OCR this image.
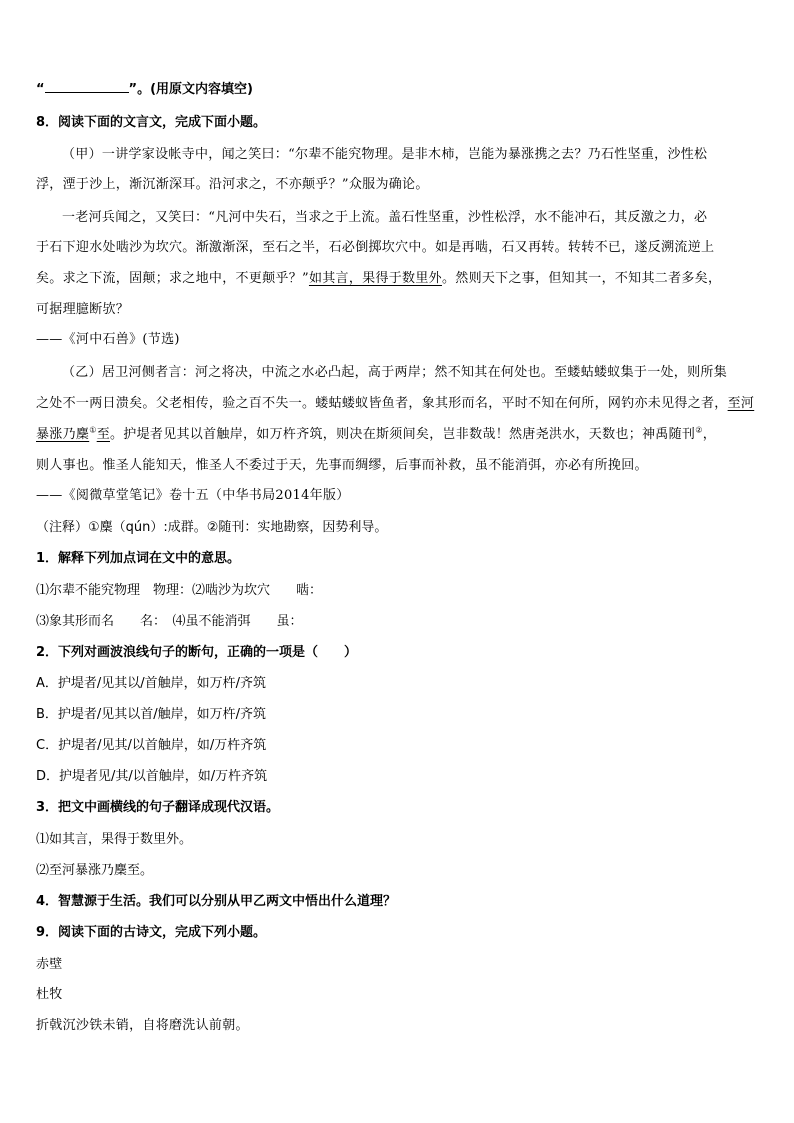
“	”。(用原文内容填空)
8．阅读下面的文言文，完成下面小题。
（甲）一讲学家设帐寺中，闻之笑曰：“尔辈不能究物理。是非木柿，岂能为暴涨携之去？乃石性坚重，沙性松
浮，湮于沙上，渐沉渐深耳。沿河求之，不亦颠乎？”众服为确论。
一老河兵闻之，又笑曰：“凡河中失石，当求之于上流。盖石性坚重，沙性松浮，水不能冲石，其反激之力，必
于石下迎水处啮沙为坎穴。渐激渐深，至石之半，石必倒掷坎穴中。如是再啮，石又再转。转转不已，遂反溯流逆上
矣。求之下流，固颠；求之地中，不更颠乎？”如其言，果得于数里外。然则天下之事，但知其一，不知其二者多矣，
可据理臆断欤？
——《河中石兽》(节选)
（乙）居卫河侧者言：河之将决，中流之水必凸起，高于两岸；然不知其在何处也。至蝼蛄蝼蚁集于一处，则所集
之处不一两日溃矣。父老相传，验之百不失一。蝼蛄蝼蚁皆鱼者，象其形而名，平时不知在何所，网钓亦未见得之者，至河
暴涨乃麇①至。护堤者见其以首触岸，如万杵齐筑，则决在斯须间矣，岂非数哉！然唐尧洪水，天数也；神禹随刊②，
则人事也。惟圣人能知天，惟圣人不委过于天，先事而绸缪，后事而补救，虽不能消弭，亦必有所挽回。
——《阅微草堂笔记》卷十五（中华书局2014年版）
（注释）①麇（qún）:成群。②随刊：实地勘察，因势利导。
1．解释下列加点词在文中的意思。
⑴尔辈不能究物理　物理：⑵啮沙为坎穴　　啮：
⑶象其形而名　　名：　⑷虽不能消弭　　虽：
2．下列对画波浪线句子的断句，正确的一项是（　　）
A．护堤者/见其以/首触岸，如万杵/齐筑
B．护堤者/见其以首/触岸，如万杵/齐筑
C．护堤者/见其/以首触岸，如/万杵齐筑
D．护堤者见/其/以首触岸，如/万杵齐筑
3．把文中画横线的句子翻译成现代汉语。
⑴如其言，果得于数里外。
⑵至河暴涨乃麇至。
4．智慧源于生活。我们可以分别从甲乙两文中悟出什么道理？
9．阅读下面的古诗文，完成下列小题。
赤壁
杜牧
折戟沉沙铁未销，自将磨洗认前朝。
